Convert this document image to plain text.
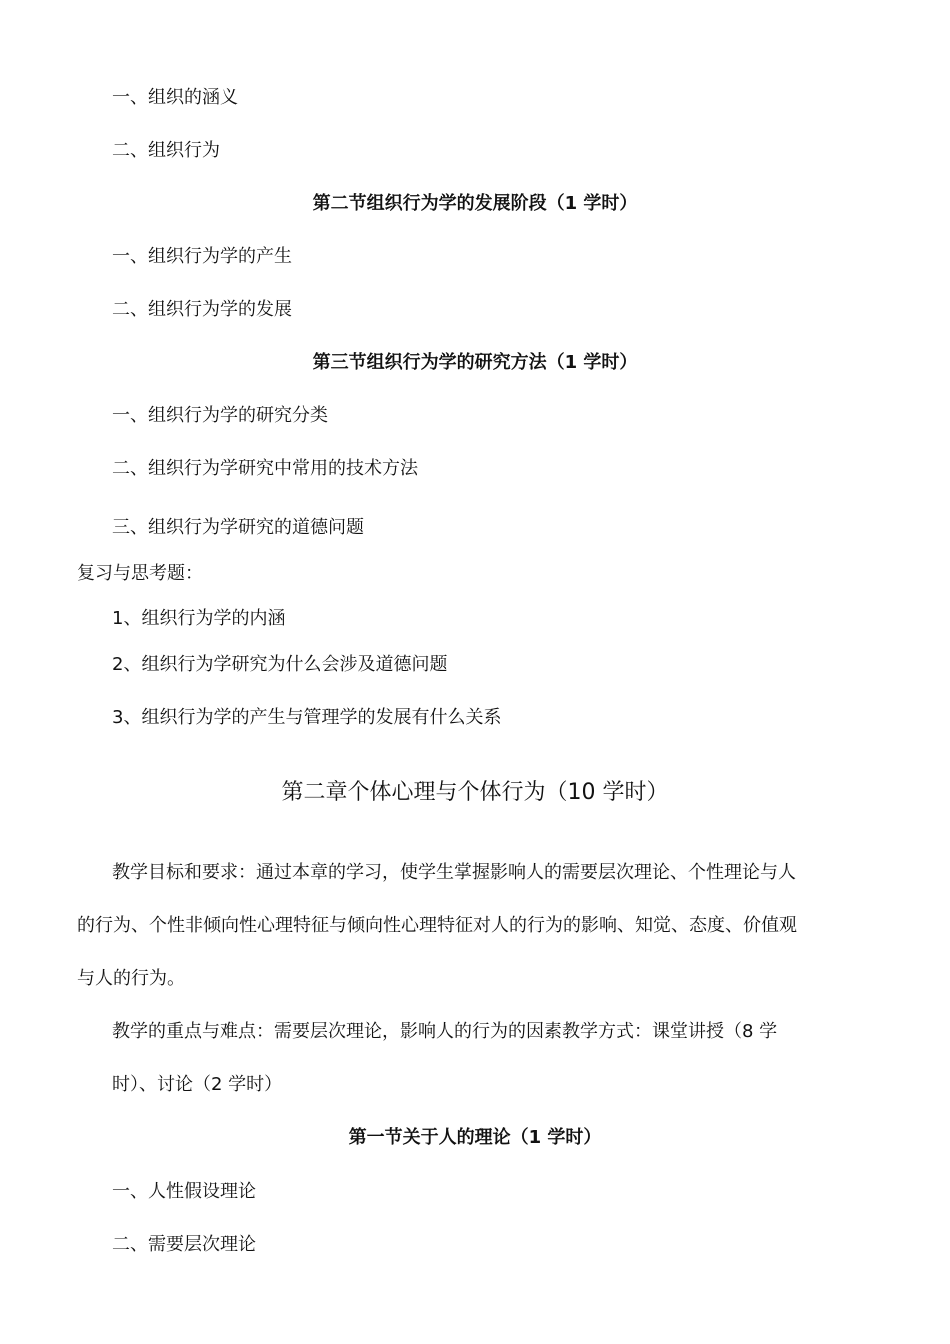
一、组织的涵义
二、组织行为
第二节组织行为学的发展阶段（1 学时）
一、组织行为学的产生
二、组织行为学的发展
第三节组织行为学的研究方法（1 学时）
一、组织行为学的研究分类
二、组织行为学研究中常用的技术方法
三、组织行为学研究的道德问题
复习与思考题：
1、组织行为学的内涵
2、组织行为学研究为什么会涉及道德问题
3、组织行为学的产生与管理学的发展有什么关系
第二章个体心理与个体行为（10 学时）
教学目标和要求：通过本章的学习，使学生掌握影响人的需要层次理论、个性理论与人
的行为、个性非倾向性心理特征与倾向性心理特征对人的行为的影响、知觉、态度、价值观
与人的行为。
教学的重点与难点：需要层次理论，影响人的行为的因素教学方式：课堂讲授（8 学
时）、讨论（2 学时）
第一节关于人的理论（1 学时）
一、人性假设理论
二、需要层次理论
